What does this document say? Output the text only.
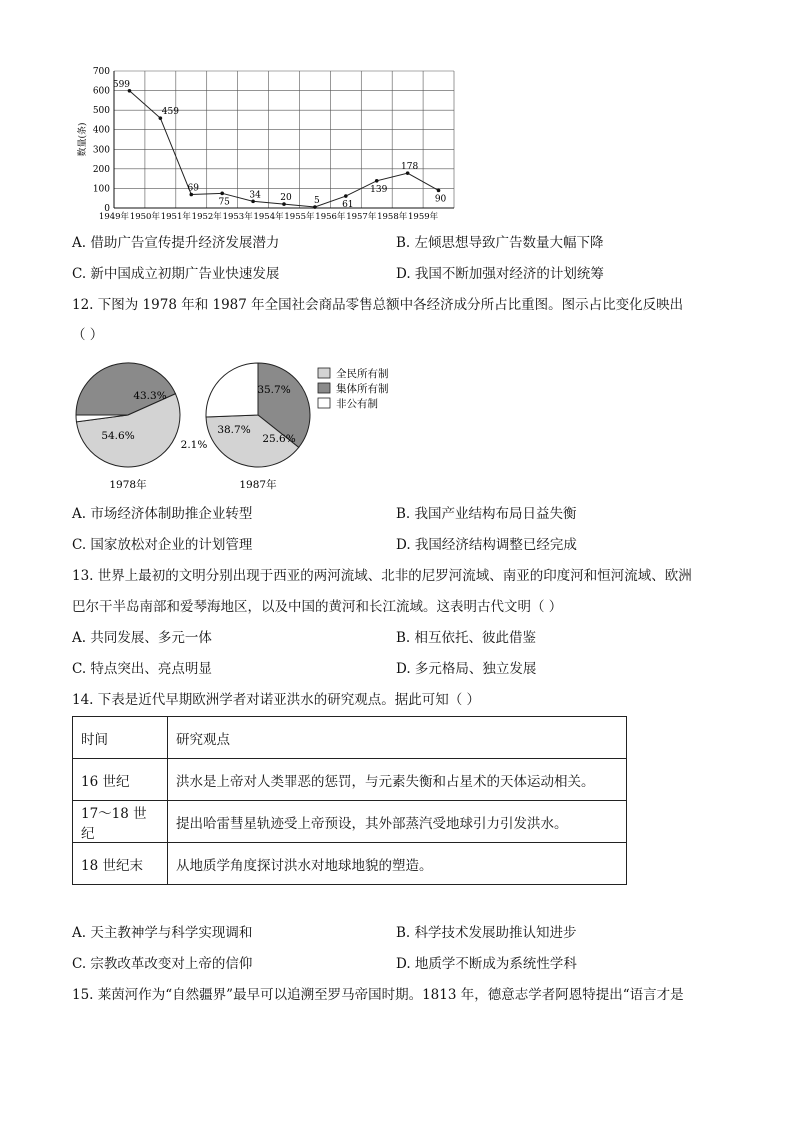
700
600
500
400
300
200
100
0
1949年 1950年 1951年 1952年 1953年 1954年 1955年 1956年 1957年 1958年 1959年
599
459
69
75
34 20 5 61
139
178
90
数量(条)
A. 借助广告宣传提升经济发展潜力	B. 左倾思想导致广告数量大幅下降
C. 新中国成立初期广告业快速发展	D. 我国不断加强对经济的计划统筹
12. 下图为 1978 年和 1987 年全国社会商品零售总额中各经济成分所占比重图。图示占比变化反映出
（ ）
54.6%
43.3%
2.1%
1978年
38.7%
35.7%
25.6%
1987年
全民所有制
集体所有制
非公有制
A. 市场经济体制助推企业转型	B. 我国产业结构布局日益失衡
C. 国家放松对企业的计划管理	D. 我国经济结构调整已经完成
13. 世界上最初的文明分别出现于西亚的两河流域、北非的尼罗河流域、南亚的印度河和恒河流域、欧洲
巴尔干半岛南部和爱琴海地区，以及中国的黄河和长江流域。这表明古代文明（ ）
A. 共同发展、多元一体	B. 相互依托、彼此借鉴
C. 特点突出、亮点明显	D. 多元格局、独立发展
14. 下表是近代早期欧洲学者对诺亚洪水的研究观点。据此可知（ ）
时间	研究观点
16 世纪	洪水是上帝对人类罪恶的惩罚，与元素失衡和占星术的天体运动相关。
17～18 世纪	提出哈雷彗星轨迹受上帝预设，其外部蒸汽受地球引力引发洪水。
18 世纪末	从地质学角度探讨洪水对地球地貌的塑造。
A. 天主教神学与科学实现调和	B. 科学技术发展助推认知进步
C. 宗教改革改变对上帝的信仰	D. 地质学不断成为系统性学科
15. 莱茵河作为“自然疆界”最早可以追溯至罗马帝国时期。1813 年，德意志学者阿恩特提出“语言才是
